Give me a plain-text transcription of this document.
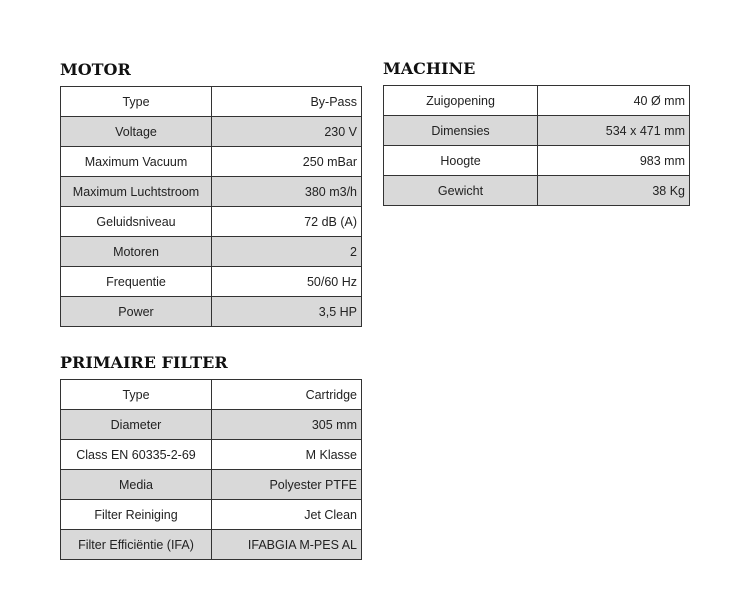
MOTOR
Type	By-Pass
Voltage	230 V
Maximum Vacuum	250 mBar
Maximum Luchtstroom	380 m3/h
Geluidsniveau	72 dB (A)
Motoren	2
Frequentie	50/60 Hz
Power	3,5 HP
MACHINE
Zuigopening	40 Ø mm
Dimensies	534 x 471 mm
Hoogte	983 mm
Gewicht	38 Kg
PRIMAIRE FILTER
Type	Cartridge
Diameter	305 mm
Class EN 60335-2-69	M Klasse
Media	Polyester PTFE
Filter Reiniging	Jet Clean
Filter Efficiëntie (IFA)	IFABGIA M-PES AL
